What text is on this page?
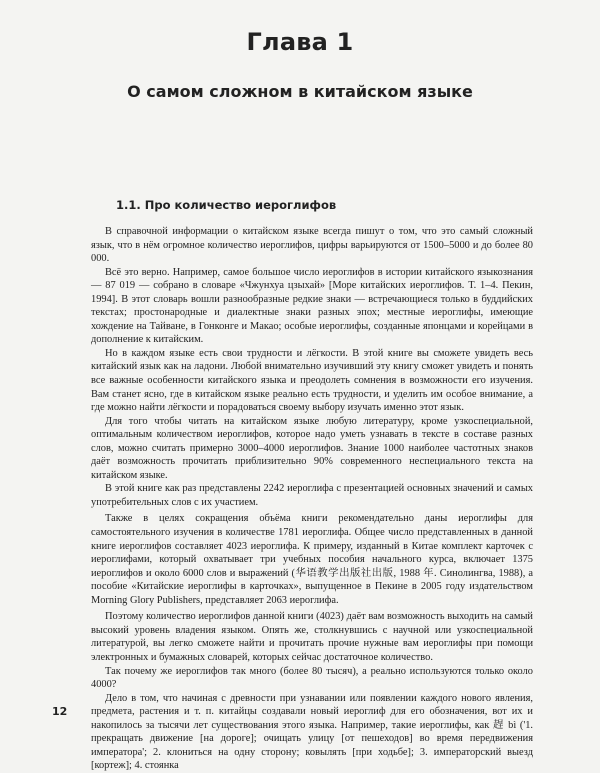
Глава 1
О самом сложном в китайском языке
1.1. Про количество иероглифов

В справочной информации о китайском языке всегда пишут о том, что это самый сложный язык, что в нём огромное количество иероглифов, цифры варьируются от 1500–5000 и до более 80 000.

Всё это верно. Например, самое большое число иероглифов в истории китайского языкознания — 87 019 — собрано в словаре «Чжунхуа цзыхай» [Море китайских иероглифов. Т. 1–4. Пекин, 1994]. В этот словарь вошли разнообразные редкие знаки — встречающиеся только в буддийских текстах; простонародные и диалектные знаки разных эпох; местные иероглифы, имеющие хождение на Тайване, в Гонконге и Макао; особые иероглифы, созданные японцами и корейцами в дополнение к китайским.

Но в каждом языке есть свои трудности и лёгкости. В этой книге вы сможете увидеть весь китайский язык как на ладони. Любой внимательно изучивший эту книгу сможет увидеть и понять все важные особенности китайского языка и преодолеть сомнения в возможности его изучения. Вам станет ясно, где в китайском языке реально есть трудности, и уделить им особое внимание, а где можно найти лёгкости и порадоваться своему выбору изучать именно этот язык.

Для того чтобы читать на китайском языке любую литературу, кроме узкоспециальной, оптимальным количеством иероглифов, которое надо уметь узнавать в тексте в составе разных слов, можно считать примерно 3000–4000 иероглифов. Знание 1000 наиболее частотных знаков даёт возможность прочитать приблизительно 90% современного неспециального текста на китайском языке.

В этой книге как раз представлены 2242 иероглифа с презентацией основных значений и самых употребительных слов с их участием.

Также в целях сокращения объёма книги рекомендательно даны иероглифы для самостоятельного изучения в количестве 1781 иероглифа. Общее число представленных в данной книге иероглифов составляет 4023 иероглифа. К примеру, изданный в Китае комплект карточек с иероглифами, который охватывает три учебных пособия начального курса, включает 1375 иероглифов и около 6000 слов и выражений (华语教学出版社出版, 1988 年. Синолингва, 1988), а пособие «Китайские иероглифы в карточках», выпущенное в Пекине в 2005 году издательством Morning Glory Publishers, представляет 2063 иероглифа.

Поэтому количество иероглифов данной книги (4023) даёт вам возможность выходить на самый высокий уровень владения языком. Опять же, столкнувшись с научной или узкоспециальной литературой, вы легко сможете найти и прочитать прочие нужные вам иероглифы при помощи электронных и бумажных словарей, которых сейчас достаточное количество.

Так почему же иероглифов так много (более 80 тысяч), а реально используются только около 4000?

Дело в том, что начиная с древности при узнавании или появлении каждого нового явления, предмета, растения и т. п. китайцы создавали новый иероглиф для его обозначения, вот их и накопилось за тысячи лет существования этого языка. Например, такие иероглифы, как 趕 bì ('1. прекращать движение [на дороге]; очищать улицу [от пешеходов] во время передвижения императора'; 2. клониться на одну сторону; ковылять [при ходьбе]; 3. императорский выезд [кортеж]; 4. стоянка

12
